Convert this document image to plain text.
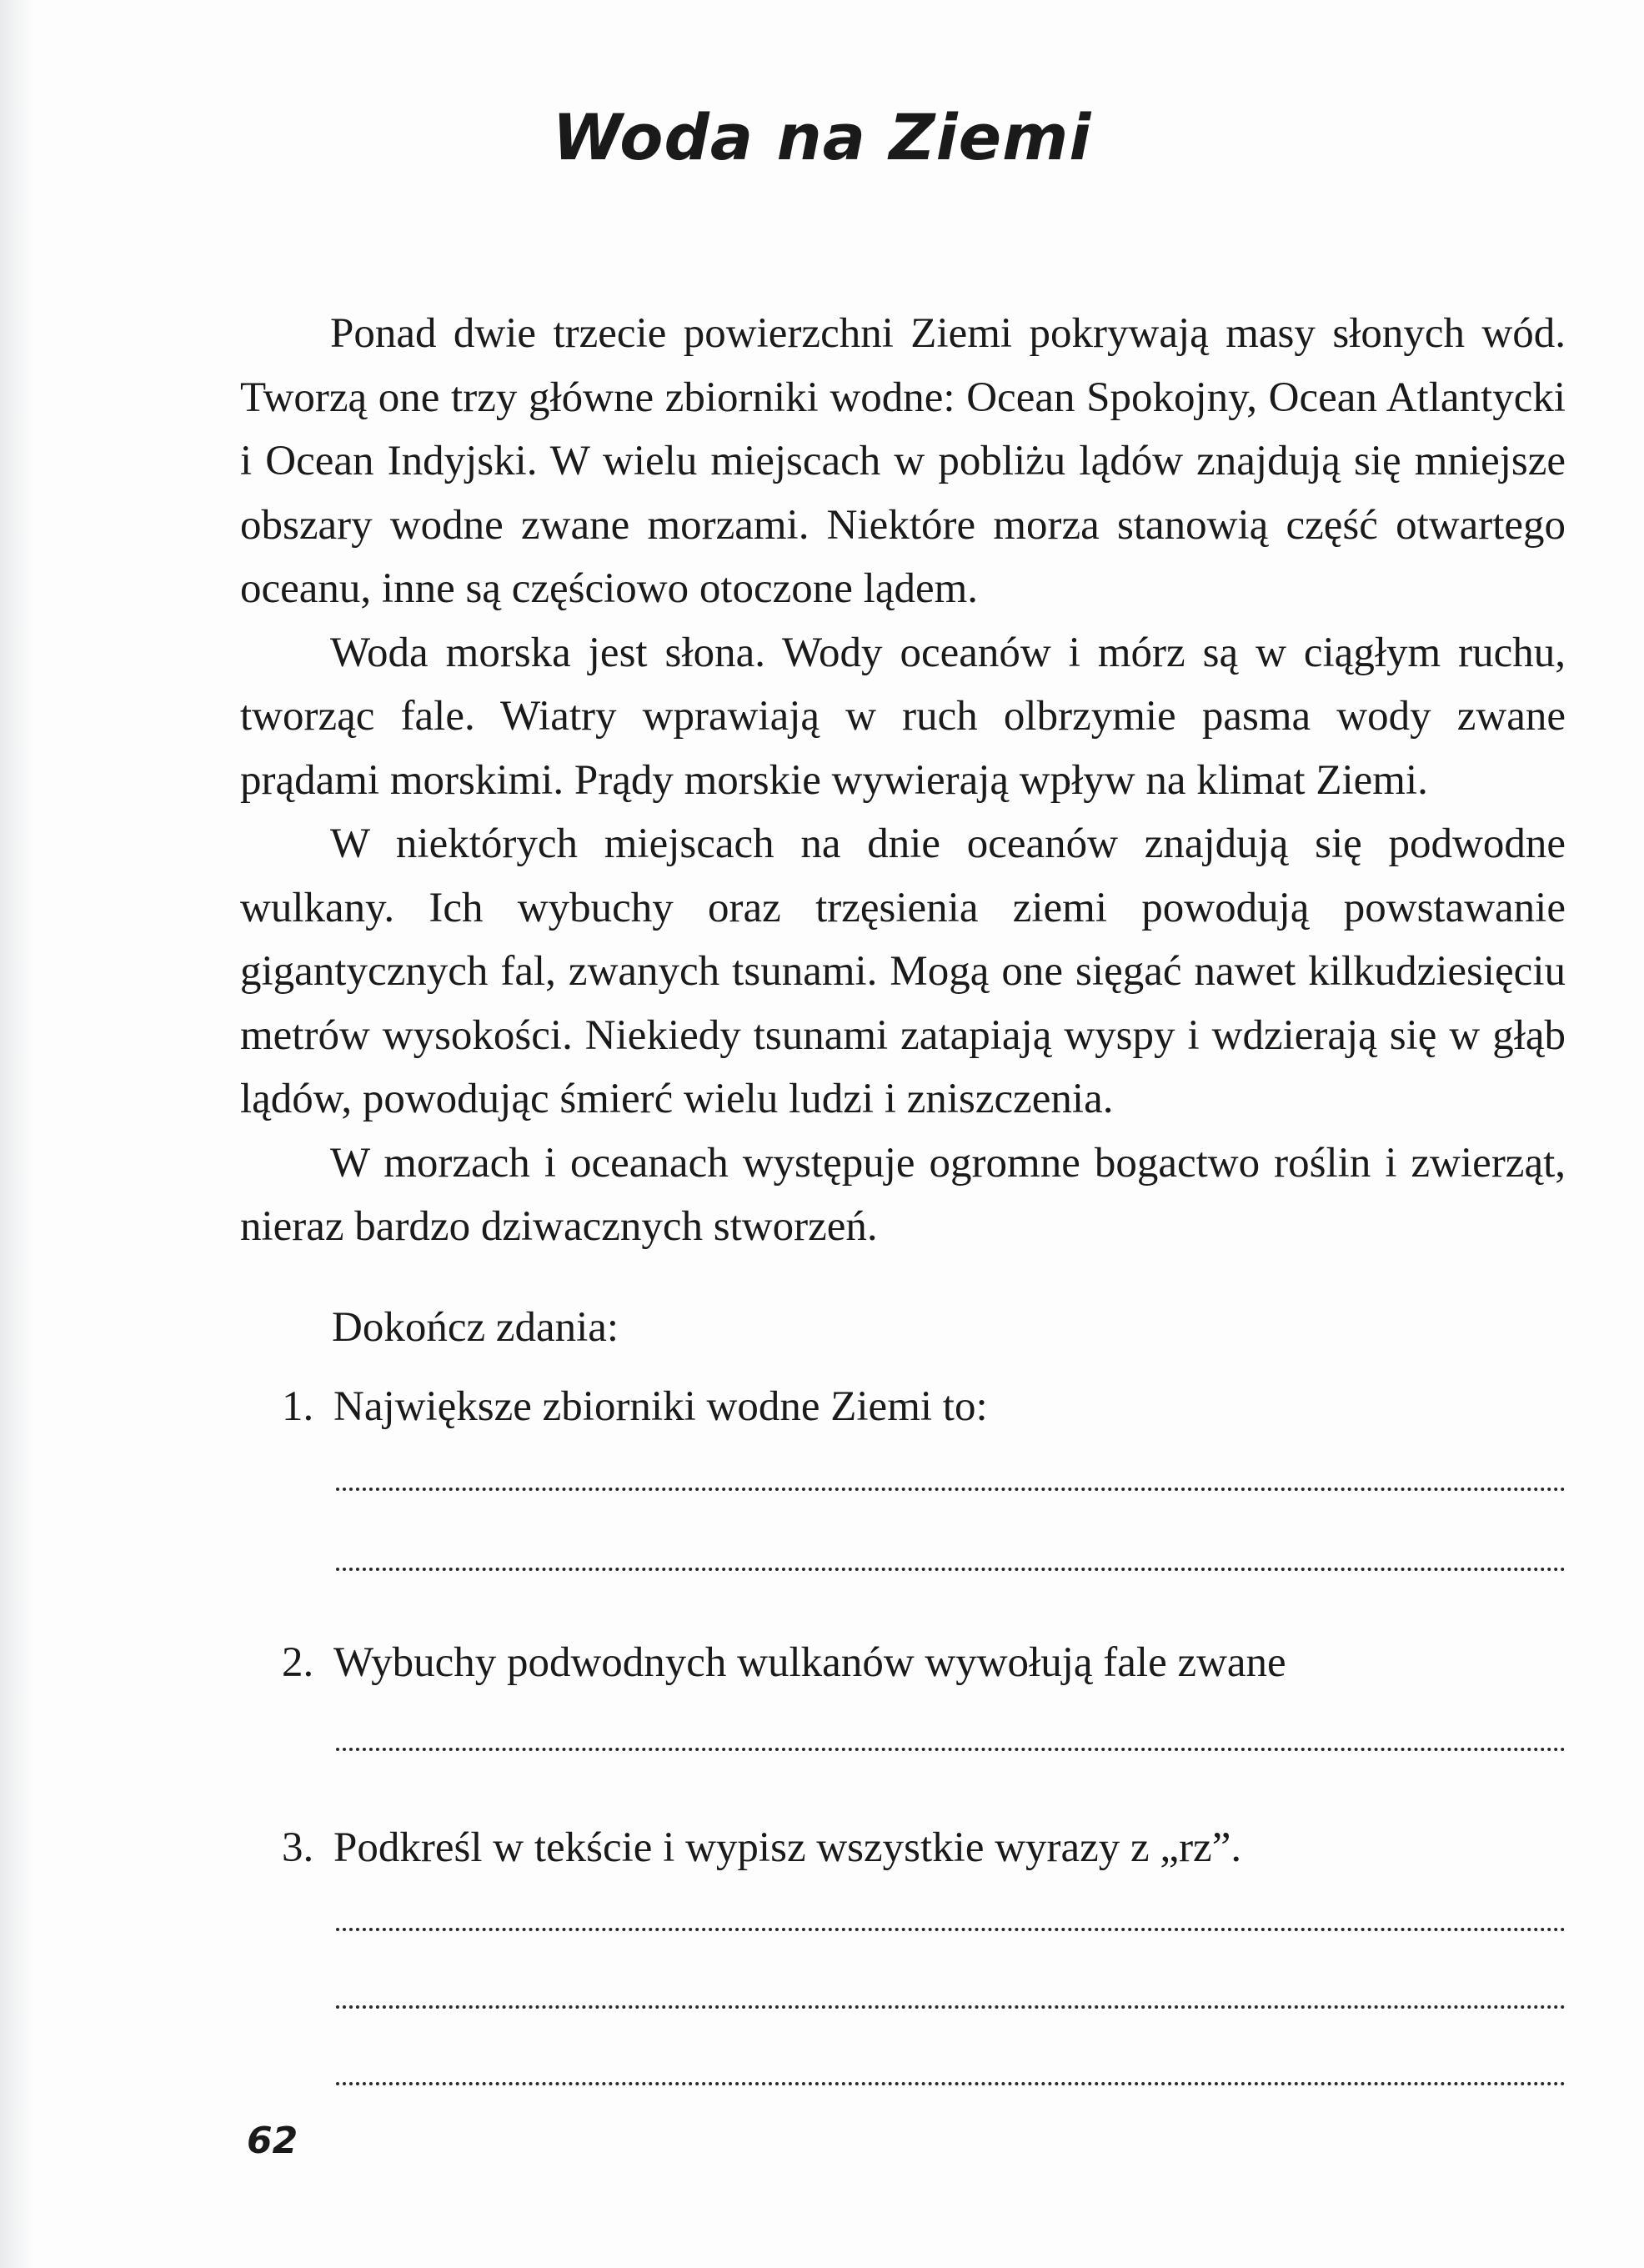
Woda na Ziemi

Ponad dwie trzecie powierzchni Ziemi pokrywają masy słonych wód. Tworzą one trzy główne zbiorniki wodne: Ocean Spokojny, Ocean Atlantycki i Ocean Indyjski. W wielu miejscach w pobliżu lądów znajdują się mniejsze obszary wodne zwane morzami. Niektóre morza stanowią część otwartego oceanu, inne są częściowo otoczone lądem.

Woda morska jest słona. Wody oceanów i mórz są w ciągłym ruchu, tworząc fale. Wiatry wprawiają w ruch olbrzymie pasma wody zwane prądami morskimi. Prądy morskie wywierają wpływ na klimat Ziemi.

W niektórych miejscach na dnie oceanów znajdują się podwodne wulkany. Ich wybuchy oraz trzęsienia ziemi powodują powstawanie gigantycznych fal, zwanych tsunami. Mogą one sięgać nawet kilkudziesięciu metrów wysokości. Niekiedy tsunami zatapiają wyspy i wdzierają się w głąb lądów, powodując śmierć wielu ludzi i zniszczenia.

W morzach i oceanach występuje ogromne bogactwo roślin i zwierząt, nieraz bardzo dziwacznych stworzeń.

Dokończ zdania:

1. Największe zbiorniki wodne Ziemi to:

2. Wybuchy podwodnych wulkanów wywołują fale zwane

3. Podkreśl w tekście i wypisz wszystkie wyrazy z „rz”.

62
